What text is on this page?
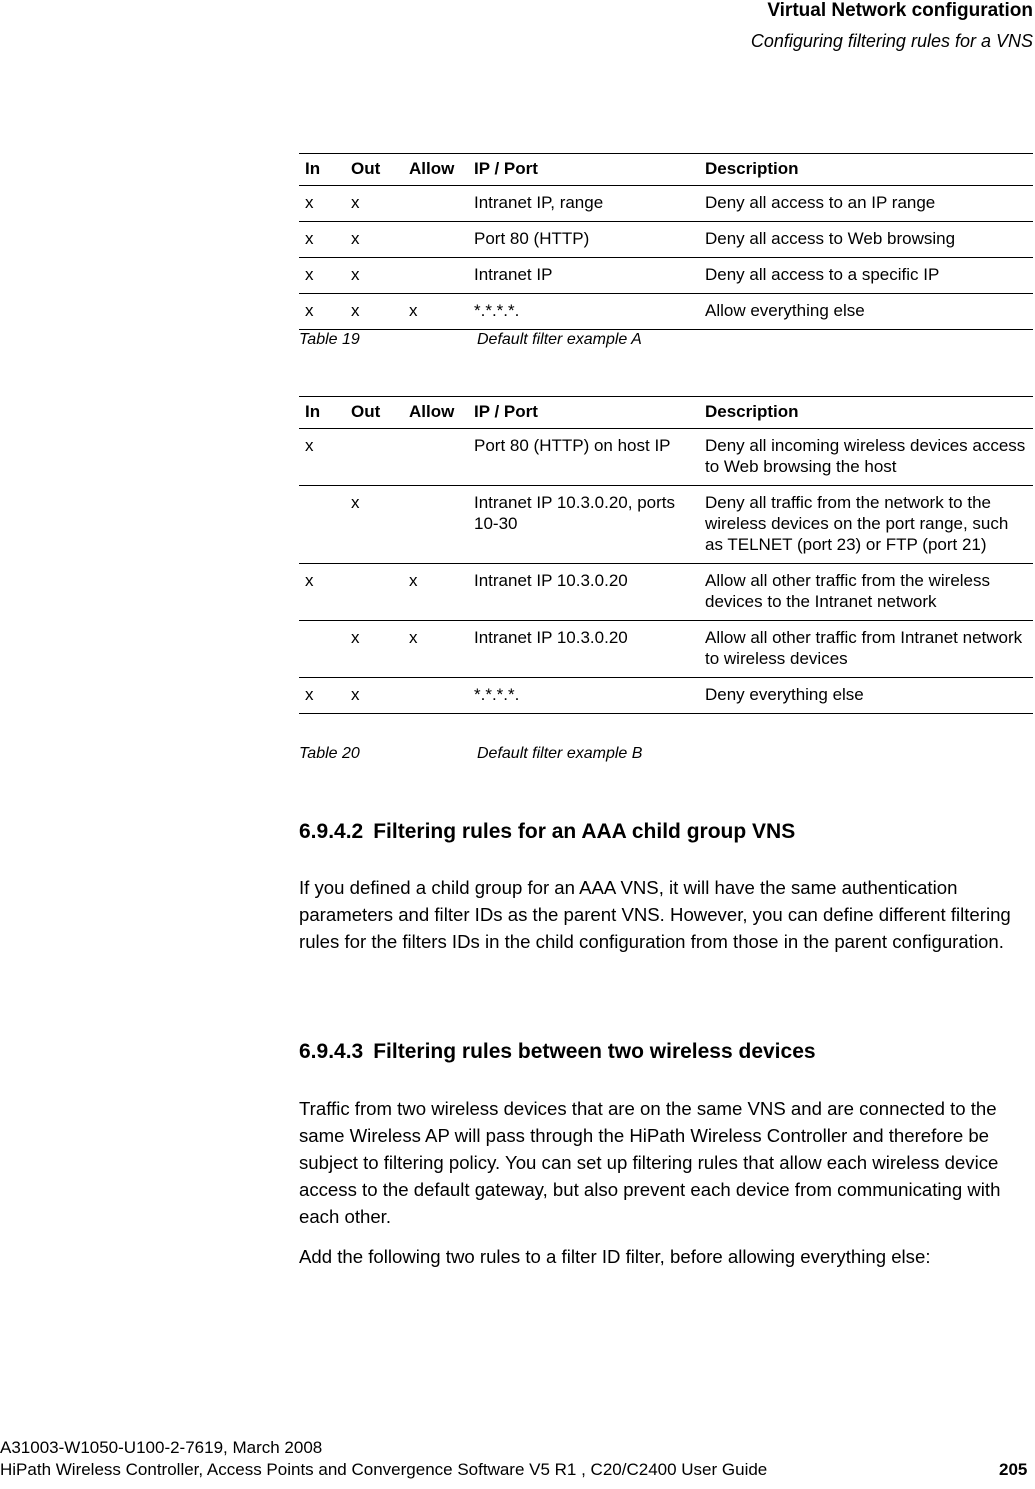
Virtual Network configuration
Configuring filtering rules for a VNS
In	Out	Allow	IP / Port	Description
x	x		Intranet IP, range	Deny all access to an IP range
x	x		Port 80 (HTTP)	Deny all access to Web browsing
x	x		Intranet IP	Deny all access to a specific IP
x	x	x	*.*.*.*.	Allow everything else
Table 19	Default filter example A
In	Out	Allow	IP / Port	Description
x			Port 80 (HTTP) on host IP	Deny all incoming wireless devices access to Web browsing the host
	x		Intranet IP 10.3.0.20, ports 10-30	Deny all traffic from the network to the wireless devices on the port range, such as TELNET (port 23) or FTP (port 21)
x		x	Intranet IP 10.3.0.20	Allow all other traffic from the wireless devices to the Intranet network
	x	x	Intranet IP 10.3.0.20	Allow all other traffic from Intranet network to wireless devices
x	x		*.*.*.*.	Deny everything else
Table 20	Default filter example B
6.9.4.2 Filtering rules for an AAA child group VNS

If you defined a child group for an AAA VNS, it will have the same authentication parameters and filter IDs as the parent VNS. However, you can define different filtering rules for the filters IDs in the child configuration from those in the parent configuration.

6.9.4.3 Filtering rules between two wireless devices

Traffic from two wireless devices that are on the same VNS and are connected to the same Wireless AP will pass through the HiPath Wireless Controller and therefore be subject to filtering policy. You can set up filtering rules that allow each wireless device access to the default gateway, but also prevent each device from communicating with each other.

Add the following two rules to a filter ID filter, before allowing everything else:

A31003-W1050-U100-2-7619, March 2008
HiPath Wireless Controller, Access Points and Convergence Software V5 R1 , C20/C2400 User Guide	205
